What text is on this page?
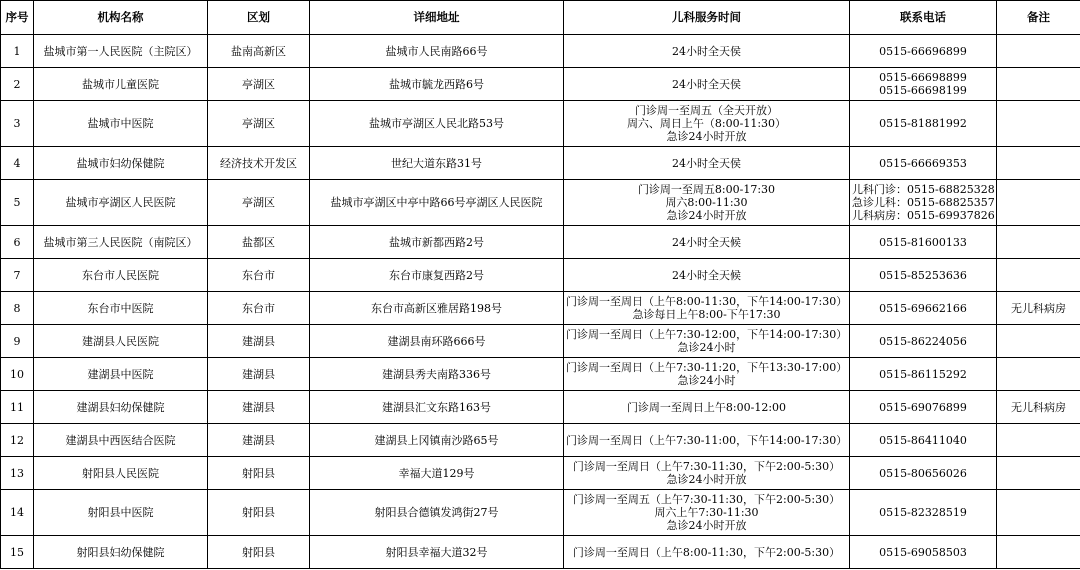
序号	机构名称	区划	详细地址	儿科服务时间	联系电话	备注
1	盐城市第一人民医院（主院区）	盐南高新区	盐城市人民南路66号	24小时全天侯	0515-66696899	

2	盐城市儿童医院	亭湖区	盐城市毓龙西路6号	24小时全天侯	0515-66698899
0515-66698199	

3	盐城市中医院	亭湖区	盐城市亭湖区人民北路53号	门诊周一至周五（全天开放）
周六、周日上午（8:00-11:30）
急诊24小时开放	0515-81881992	

4	盐城市妇幼保健院	经济技术开发区	世纪大道东路31号	24小时全天侯	0515-66669353	

5	盐城市亭湖区人民医院	亭湖区	盐城市亭湖区中亭中路66号亭湖区人民医院	门诊周一至周五8:00-17:30
周六8:00-11:30
急诊24小时开放	儿科门诊：0515-68825328
急诊儿科：0515-68825357
儿科病房：0515-69937826	

6	盐城市第三人民医院（南院区）	盐都区	盐城市新都西路2号	24小时全天候	0515-81600133	

7	东台市人民医院	东台市	东台市康复西路2号	24小时全天候	0515-85253636	

8	东台市中医院	东台市	东台市高新区雅居路198号	门诊周一至周日（上午8:00-11:30，下午14:00-17:30）
急诊每日上午8:00-下午17:30	0515-69662166	无儿科病房
9	建湖县人民医院	建湖县	建湖县南环路666号	门诊周一至周日（上午7:30-12:00，下午14:00-17:30）
急诊24小时	0515-86224056	

10	建湖县中医院	建湖县	建湖县秀夫南路336号	门诊周一至周日（上午7:30-11:20，下午13:30-17:00）
急诊24小时	0515-86115292	

11	建湖县妇幼保健院	建湖县	建湖县汇文东路163号	门诊周一至周日上午8:00-12:00	0515-69076899	无儿科病房
12	建湖县中西医结合医院	建湖县	建湖县上冈镇南沙路65号	门诊周一至周日（上午7:30-11:00，下午14:00-17:30）	0515-86411040	

13	射阳县人民医院	射阳县	幸福大道129号	门诊周一至周日（上午7:30-11:30，下午2:00-5:30）
急诊24小时开放	0515-80656026	

14	射阳县中医院	射阳县	射阳县合德镇发鸿街27号	门诊周一至周五（上午7:30-11:30，下午2:00-5:30）
周六上午7:30-11:30
急诊24小时开放	0515-82328519	

15	射阳县妇幼保健院	射阳县	射阳县幸福大道32号	门诊周一至周日（上午8:00-11:30，下午2:00-5:30）	0515-69058503	
